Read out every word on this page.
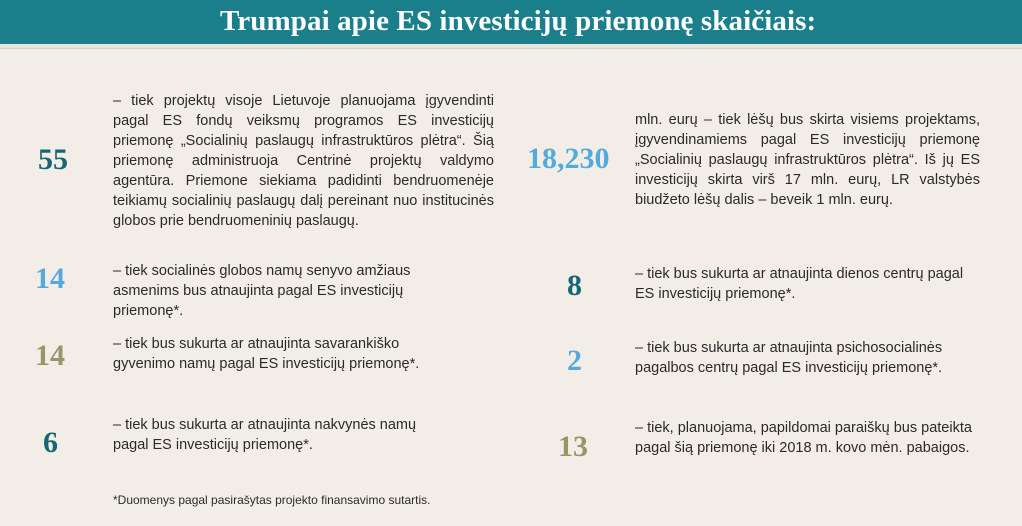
Trumpai apie ES investicijų priemonę skaičiais:
55

– tiek projektų visoje Lietuvoje planuojama įgyvendinti pagal ES fondų veiksmų programos ES investicijų priemonę „Socialinių paslaugų infrastruktūros plėtra“. Šią priemonę administruoja Centrinė projektų valdymo agentūra. Priemone siekiama padidinti bendruomenėje teikiamų socialinių paslaugų dalį pereinant nuo institucinės globos prie bendruomeninių paslaugų.

14	– tiek socialinės globos namų senyvo amžiaus asmenims bus atnaujinta pagal ES investicijų priemonę*.

14	– tiek bus sukurta ar atnaujinta savarankiško gyvenimo namų pagal ES investicijų priemonę*.

6

– tiek bus sukurta ar atnaujinta nakvynės namų pagal ES investicijų priemonę*.

18,230

mln. eurų – tiek lėšų bus skirta visiems projektams, įgyvendinamiems pagal ES investicijų priemonę „Socialinių paslaugų infrastruktūros plėtra“. Iš jų ES investicijų skirta virš 17 mln. eurų, LR valstybės biudžeto lėšų dalis – beveik 1 mln. eurų.

8	– tiek bus sukurta ar atnaujinta dienos centrų pagal ES investicijų priemonę*.

2	– tiek bus sukurta ar atnaujinta psichosocialinės pagalbos centrų pagal ES investicijų priemonę*.

13

– tiek, planuojama, papildomai paraiškų bus pateikta pagal šią priemonę iki 2018 m. kovo mėn. pabaigos.

*Duomenys pagal pasirašytas projekto finansavimo sutartis.
